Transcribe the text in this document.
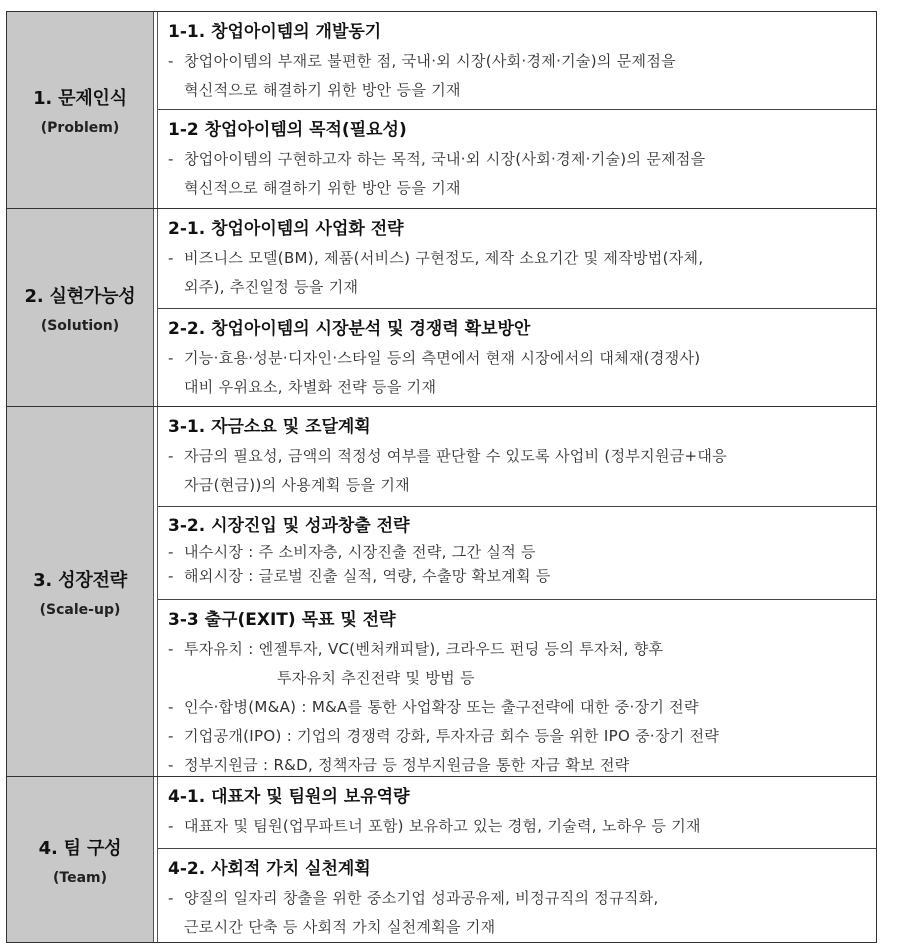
1. 문제인식
(Problem)
1-1. 창업아이템의 개발동기
- 창업아이템의 부재로 불편한 점, 국내·외 시장(사회·경제·기술)의 문제점을
혁신적으로 해결하기 위한 방안 등을 기재
1-2 창업아이템의 목적(필요성)
- 창업아이템의 구현하고자 하는 목적, 국내·외 시장(사회·경제·기술)의 문제점을
혁신적으로 해결하기 위한 방안 등을 기재
2. 실현가능성
(Solution)
2-1. 창업아이템의 사업화 전략
- 비즈니스 모델(BM), 제품(서비스) 구현정도, 제작 소요기간 및 제작방법(자체,
외주), 추진일정 등을 기재
2-2. 창업아이템의 시장분석 및 경쟁력 확보방안
- 기능·효용·성분·디자인·스타일 등의 측면에서 현재 시장에서의 대체재(경쟁사)
대비 우위요소, 차별화 전략 등을 기재
3. 성장전략
(Scale-up)
3-1. 자금소요 및 조달계획
- 자금의 필요성, 금액의 적정성 여부를 판단할 수 있도록 사업비 (정부지원금+대응
자금(현금))의 사용계획 등을 기재
3-2. 시장진입 및 성과창출 전략
- 내수시장 : 주 소비자층, 시장진출 전략, 그간 실적 등
- 해외시장 : 글로벌 진출 실적, 역량, 수출망 확보계획 등
3-3 출구(EXIT) 목표 및 전략
- 투자유치 : 엔젤투자, VC(벤처캐피탈), 크라우드 펀딩 등의 투자처, 향후
투자유치 추진전략 및 방법 등
- 인수·합병(M&A) : M&A를 통한 사업확장 또는 출구전략에 대한 중·장기 전략
- 기업공개(IPO) : 기업의 경쟁력 강화, 투자자금 회수 등을 위한 IPO 중·장기 전략
- 정부지원금 : R&D, 정책자금 등 정부지원금을 통한 자금 확보 전략
4. 팀 구성
(Team)
4-1. 대표자 및 팀원의 보유역량
- 대표자 및 팀원(업무파트너 포함) 보유하고 있는 경험, 기술력, 노하우 등 기재
4-2. 사회적 가치 실천계획
- 양질의 일자리 창출을 위한 중소기업 성과공유제, 비정규직의 정규직화,
근로시간 단축 등 사회적 가치 실천계획을 기재
